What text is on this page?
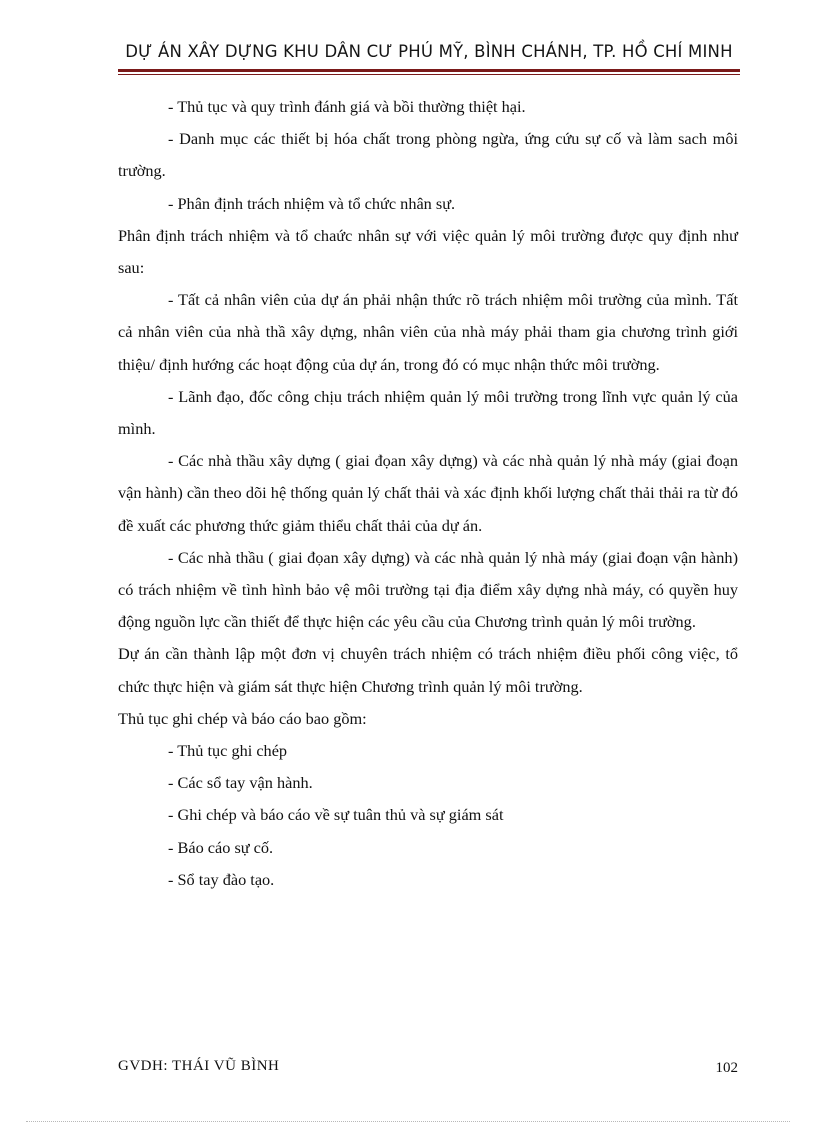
DỰ ÁN XÂY DỰNG KHU DÂN CƯ PHÚ MỸ, BÌNH CHÁNH, TP. HỒ CHÍ MINH

- Thủ tục và quy trình đánh giá và bồi thường thiệt hại.

- Danh mục các thiết bị hóa chất trong phòng ngừa, ứng cứu sự cố và làm sach môi trường.

- Phân định trách nhiệm và tổ chức nhân sự.

Phân định trách nhiệm và tổ chaức nhân sự với việc quản lý môi trường được quy định như sau:

- Tất cả nhân viên của dự án phải nhận thức rõ trách nhiệm môi trường của mình. Tất cả nhân viên của nhà thầ xây dựng, nhân viên của nhà máy phải tham gia chương trình giới thiệu/ định hướng các hoạt động của dự án, trong đó có mục nhận thức môi trường.

- Lãnh đạo, đốc công chịu trách nhiệm quản lý môi trường trong lĩnh vực quản lý của mình.

- Các nhà thầu xây dựng ( giai đọan xây dựng) và các nhà quản lý nhà máy (giai đoạn vận hành) cần theo dõi hệ thống quản lý chất thải và xác định khối lượng chất thải thải ra từ đó đề xuất các phương thức giảm thiểu chất thải của dự án.

- Các nhà thầu ( giai đọan xây dựng) và các nhà quản lý nhà máy (giai đoạn vận hành) có trách nhiệm về tình hình bảo vệ môi trường tại địa điểm xây dựng nhà máy, có quyền huy động nguồn lực cần thiết để thực hiện các yêu cầu của Chương trình quản lý môi trường.

Dự án cần thành lập một đơn vị chuyên trách nhiệm có trách nhiệm điều phối công việc, tổ chức thực hiện và giám sát thực hiện Chương trình quản lý môi trường.

Thủ tục ghi chép và báo cáo bao gồm:

- Thủ tục ghi chép

- Các sổ tay vận hành.

- Ghi chép và báo cáo về sự tuân thủ và sự giám sát

- Báo cáo sự cố.

- Sổ tay đào tạo.

GVDH: THÁI VŨ BÌNH	102
